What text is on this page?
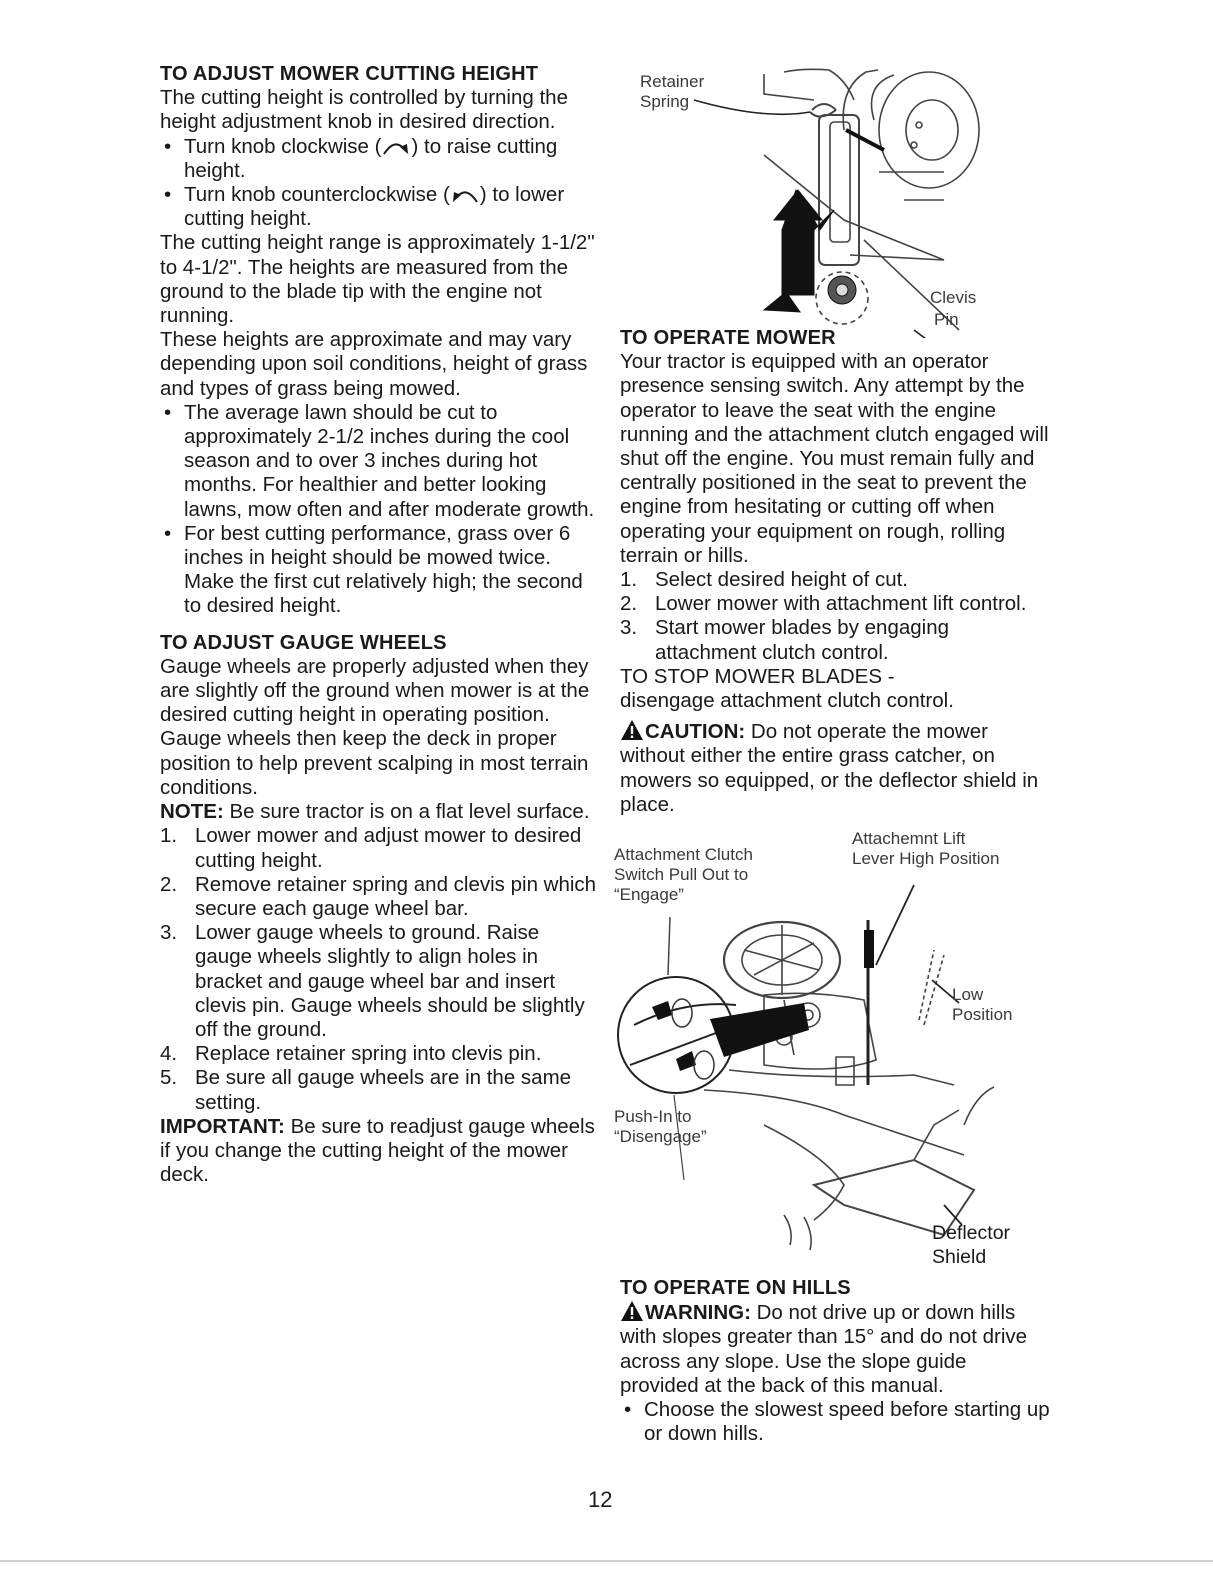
TO ADJUST MOWER CUTTING HEIGHT

The cutting height is controlled by turning the height adjustment knob in desired direction.

• Turn knob clockwise ( ) to raise cutting height.
• Turn knob counterclockwise ( ) to lower cutting height.

The cutting height range is approximately 1-1/2" to 4-1/2". The heights are measured from the ground to the blade tip with the engine not running.

These heights are approximate and may vary depending upon soil conditions, height of grass and types of grass being mowed.

• The average lawn should be cut to approximately 2-1/2 inches during the cool season and to over 3 inches during hot months. For healthier and better looking lawns, mow often and after moderate growth.
• For best cutting performance, grass over 6 inches in height should be mowed twice. Make the first cut relatively high; the second to desired height.
TO ADJUST GAUGE WHEELS

Gauge wheels are properly adjusted when they are slightly off the ground when mower is at the desired cutting height in operating position. Gauge wheels then keep the deck in proper position to help prevent scalping in most terrain conditions.

NOTE: Be sure tractor is on a flat level surface.

1. Lower mower and adjust mower to desired cutting height.
2. Remove retainer spring and clevis pin which secure each gauge wheel bar.
3. Lower gauge wheels to ground. Raise gauge wheels slightly to align holes in bracket and gauge wheel bar and insert clevis pin. Gauge wheels should be slightly off the ground.
4. Replace retainer spring into clevis pin.
5. Be sure all gauge wheels are in the same setting.

IMPORTANT: Be sure to readjust gauge wheels if you change the cutting height of the mower deck.

Retainer
Spring
Clevis
Pin
TO OPERATE MOWER

Your tractor is equipped with an operator presence sensing switch. Any attempt by the operator to leave the seat with the engine running and the attachment clutch engaged will shut off the engine. You must remain fully and centrally positioned in the seat to prevent the engine from hesitating or cutting off when operating your equipment on rough, rolling terrain or hills.

1. Select desired height of cut.
2. Lower mower with attachment lift control.
3. Start mower blades by engaging attachment clutch control.

TO STOP MOWER BLADES -

disengage attachment clutch control.

CAUTION: Do not operate the mower without either the entire grass catcher, on mowers so equipped, or the deflector shield in place.

Attachment Clutch
Switch Pull Out to
“Engage”
Attachemnt Lift
Lever High Position
Low
Position
Push-In to
“Disengage”
Deflector
Shield
TO OPERATE ON HILLS

WARNING: Do not drive up or down hills with slopes greater than 15° and do not drive across any slope. Use the slope guide provided at the back of this manual.

• Choose the slowest speed before starting up or down hills.
12
